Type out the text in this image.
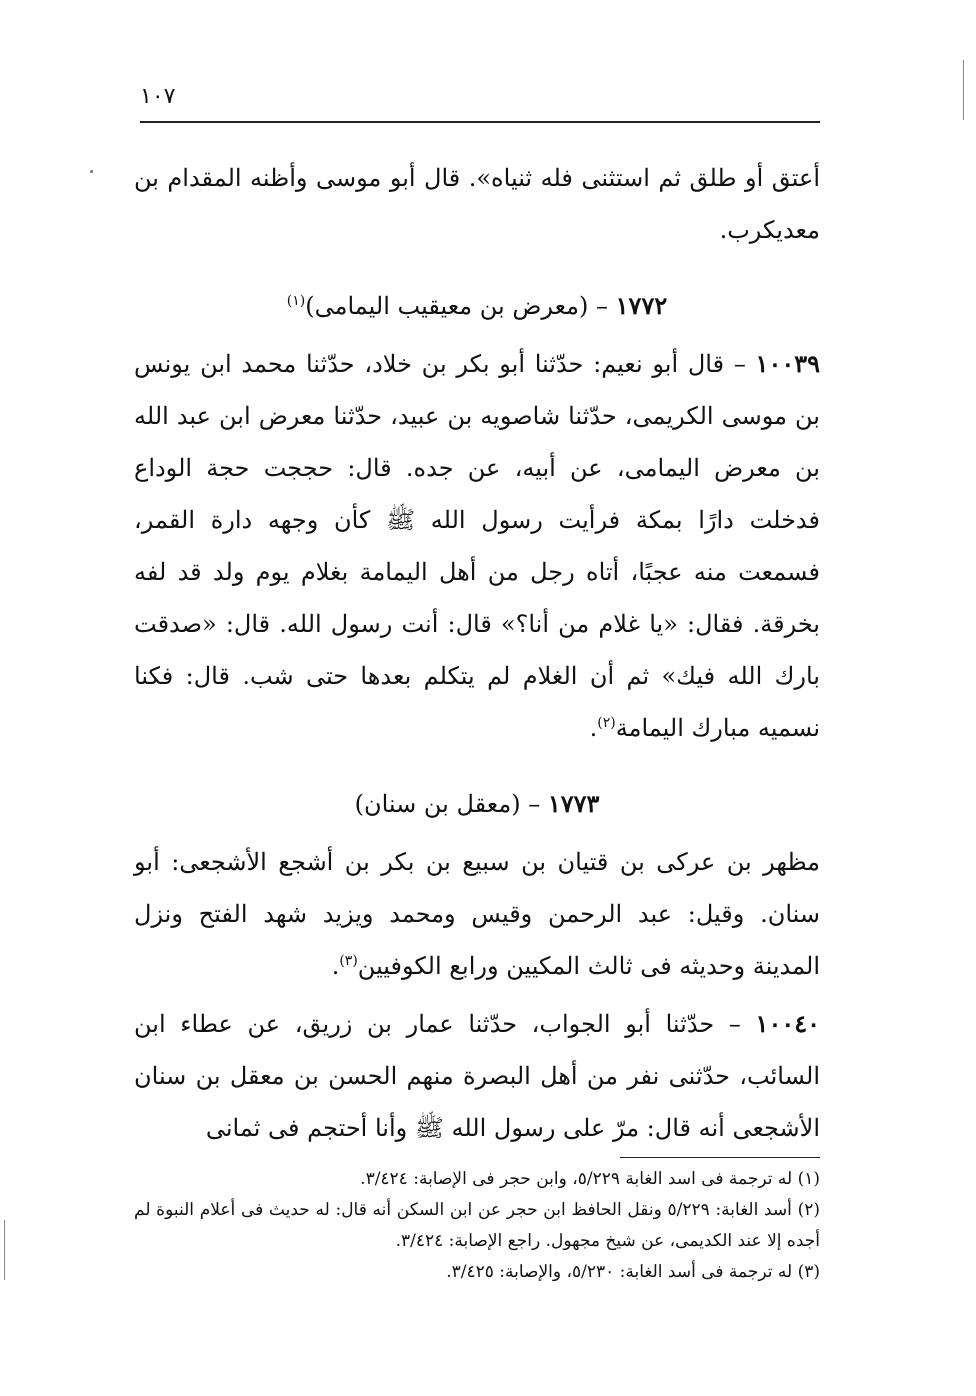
١٠٧

أعتق أو طلق ثم استثنى فله ثنياه». قال أبو موسى وأظنه المقدام بن معديكرب.

١٧٧٢ – (معرض بن معيقيب اليمامى)$^{(١)}$

١٠٠٣٩ – قال أبو نعيم: حدّثنا أبو بكر بن خلاد، حدّثنا محمد ابن يونس بن موسى الكريمى، حدّثنا شاصويه بن عبيد، حدّثنا معرض ابن عبد الله بن معرض اليمامى، عن أبيه، عن جده. قال: حججت حجة الوداع فدخلت دارًا بمكة فرأيت رسول الله ﷺ كأن وجهه دارة القمر، فسمعت منه عجبًا، أتاه رجل من أهل اليمامة بغلام يوم ولد قد لفه بخرقة. فقال: «يا غلام من أنا؟» قال: أنت رسول الله. قال: «صدقت بارك الله فيك» ثم أن الغلام لم يتكلم بعدها حتى شب. قال: فكنا نسميه مبارك اليمامة$^{(٢)}$.

١٧٧٣ – (معقل بن سنان)

مظهر بن عركى بن قتيان بن سبيع بن بكر بن أشجع الأشجعى: أبو سنان. وقيل: عبد الرحمن وقيس ومحمد ويزيد شهد الفتح ونزل المدينة وحديثه فى ثالث المكيين ورابع الكوفيين$^{(٣)}$.

١٠٠٤٠ – حدّثنا أبو الجواب، حدّثنا عمار بن زريق، عن عطاء ابن السائب، حدّثنى نفر من أهل البصرة منهم الحسن بن معقل بن سنان الأشجعى أنه قال: مرّ على رسول الله ﷺ وأنا أحتجم فى ثمانى

(١) له ترجمة فى اسد الغابة ٥/٢٢٩، وابن حجر فى الإصابة: ٣/٤٢٤.

(٢) أسد الغابة: ٥/٢٢٩ ونقل الحافظ ابن حجر عن ابن السكن أنه قال: له حديث فى أعلام النبوة لم أجده إلا عند الكديمى، عن شيخ مجهول. راجع الإصابة: ٣/٤٢٤.

(٣) له ترجمة فى أسد الغابة: ٥/٢٣٠، والإصابة: ٣/٤٢٥.
